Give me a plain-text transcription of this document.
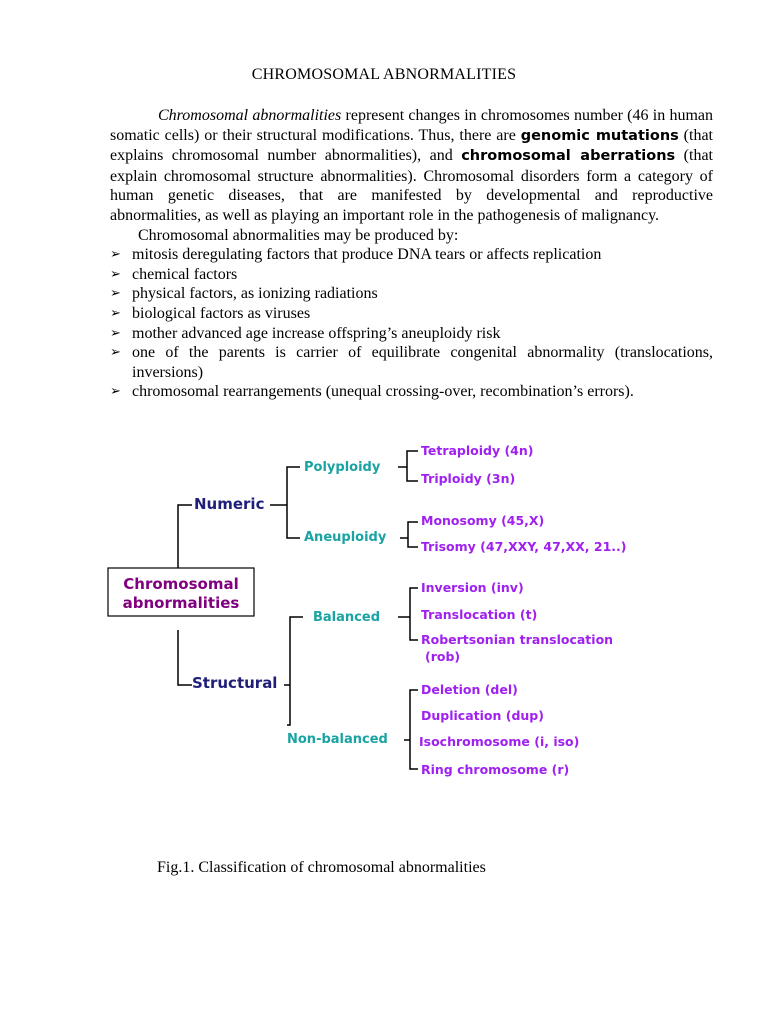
CHROMOSOMAL ABNORMALITIES

Chromosomal abnormalities represent changes in chromosomes number (46 in human somatic cells) or their structural modifications. Thus, there are genomic mutations (that explains chromosomal number abnormalities), and chromosomal aberrations (that explain chromosomal structure abnormalities). Chromosomal disorders form a category of human genetic diseases, that are manifested by developmental and reproductive abnormalities, as well as playing an important role in the pathogenesis of malignancy.

Chromosomal abnormalities may be produced by:

➢ mitosis deregulating factors that produce DNA tears or affects replication
➢ chemical factors
➢ physical factors, as ionizing radiations
➢ biological factors as viruses
➢ mother advanced age increase offspring’s aneuploidy risk
➢ one of the parents is carrier of equilibrate congenital abnormality (translocations, inversions)
➢ chromosomal rearrangements (unequal crossing-over, recombination’s errors).
Chromosomal
abnormalities
Numeric
Structural
Polyploidy
Aneuploidy
Balanced
Non-balanced
Tetraploidy (4n)
Triploidy (3n)
Monosomy (45,X)
Trisomy (47,XXY, 47,XX, 21..)
Inversion (inv)
Translocation (t)
Robertsonian translocation
(rob)
Deletion (del)
Duplication (dup)
Isochromosome (i, iso)
Ring chromosome (r)
Fig.1. Classification of chromosomal abnormalities
